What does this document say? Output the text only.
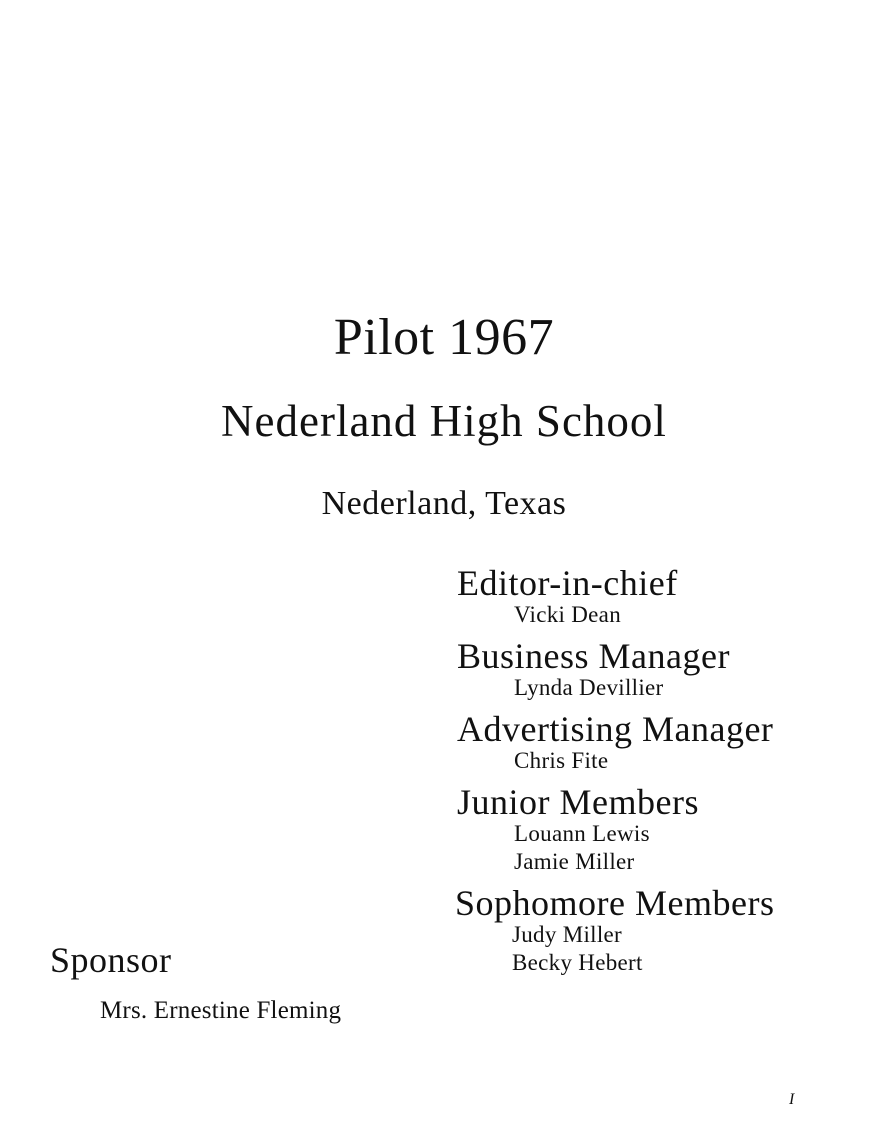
Pilot 1967
Nederland High School
Nederland, Texas
Editor-in-chief
Vicki Dean
Business Manager
Lynda Devillier
Advertising Manager
Chris Fite
Junior Members
Louann Lewis
Jamie Miller
Sophomore Members
Judy Miller
Becky Hebert
Sponsor
Mrs. Ernestine Fleming
I
